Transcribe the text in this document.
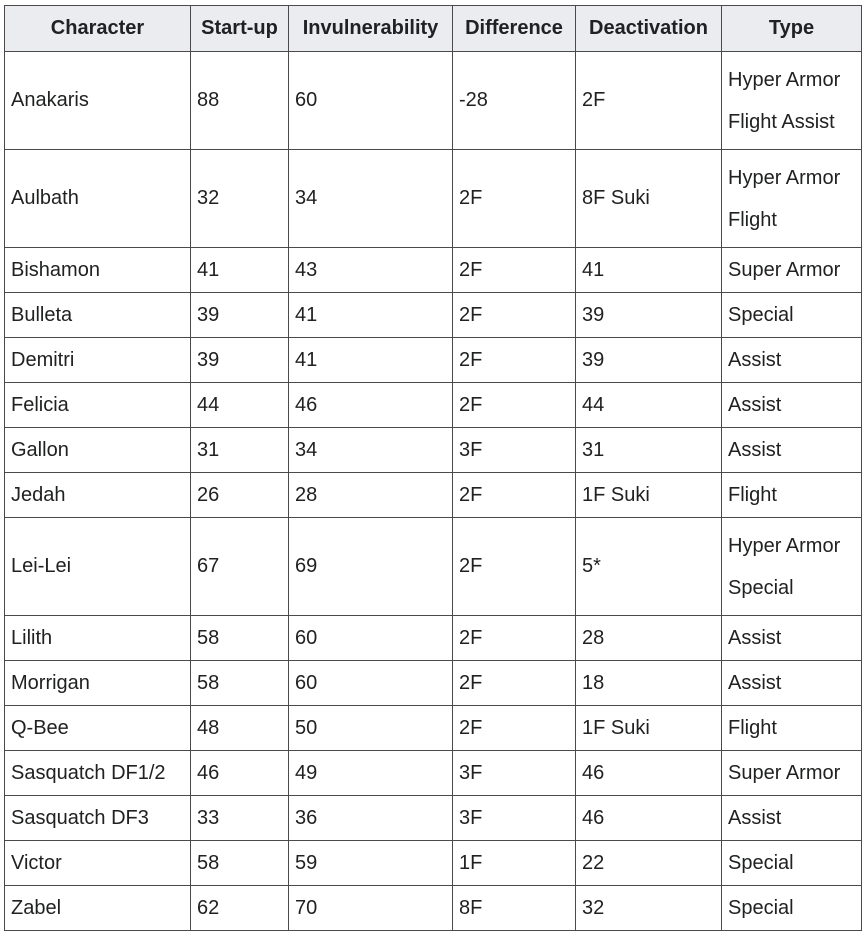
Character	Start-up	Invulnerability	Difference	Deactivation	Type
Anakaris	88	60	-28	2F	Hyper Armor
Flight Assist

Aulbath	32	34	2F	8F Suki	Hyper Armor
Flight

Bishamon	41	43	2F	41	Super Armor

Bulleta	39	41	2F	39	Special

Demitri	39	41	2F	39	Assist

Felicia	44	46	2F	44	Assist

Gallon	31	34	3F	31	Assist

Jedah	26	28	2F	1F Suki	Flight

Lei-Lei	67	69	2F	5*	Hyper Armor
Special

Lilith	58	60	2F	28	Assist

Morrigan	58	60	2F	18	Assist

Q-Bee	48	50	2F	1F Suki	Flight

Sasquatch DF1/2	46	49	3F	46	Super Armor

Sasquatch DF3	33	36	3F	46	Assist

Victor	58	59	1F	22	Special

Zabel	62	70	8F	32	Special
